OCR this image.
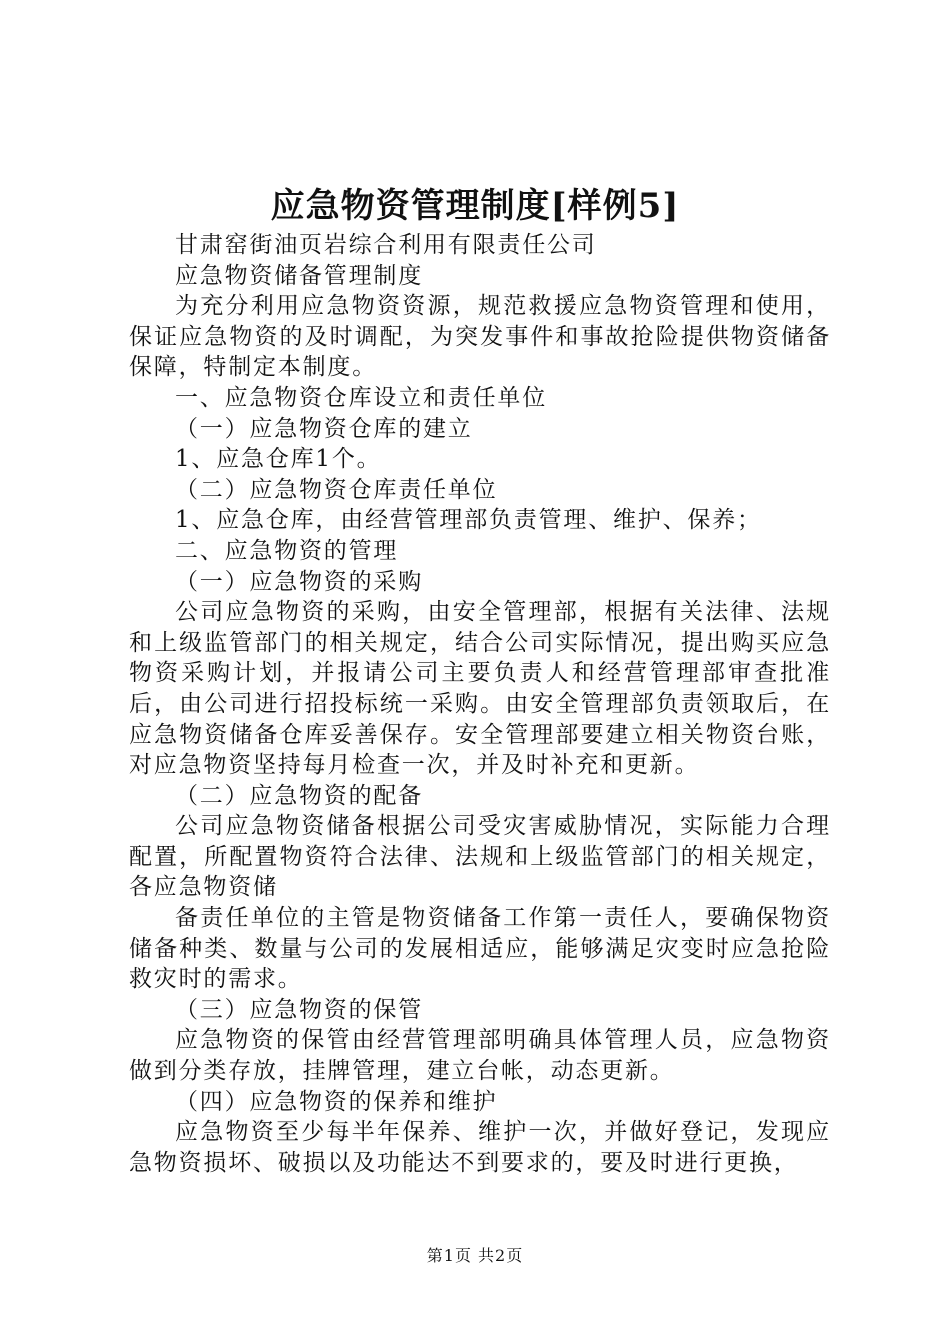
应急物资管理制度[样例5]

甘肃窑街油页岩综合利用有限责任公司

应急物资储备管理制度

为充分利用应急物资资源，规范救援应急物资管理和使用，保证应急物资的及时调配，为突发事件和事故抢险提供物资储备保障，特制定本制度。

一、应急物资仓库设立和责任单位

（一）应急物资仓库的建立

1、应急仓库1个。

（二）应急物资仓库责任单位

1、应急仓库，由经营管理部负责管理、维护、保养；

二、应急物资的管理

（一）应急物资的采购

公司应急物资的采购，由安全管理部，根据有关法律、法规和上级监管部门的相关规定，结合公司实际情况，提出购买应急物资采购计划，并报请公司主要负责人和经营管理部审查批准后，由公司进行招投标统一采购。由安全管理部负责领取后，在应急物资储备仓库妥善保存。安全管理部要建立相关物资台账，对应急物资坚持每月检查一次，并及时补充和更新。

（二）应急物资的配备

公司应急物资储备根据公司受灾害威胁情况，实际能力合理配置，所配置物资符合法律、法规和上级监管部门的相关规定，各应急物资储

备责任单位的主管是物资储备工作第一责任人，要确保物资储备种类、数量与公司的发展相适应，能够满足灾变时应急抢险救灾时的需求。

（三）应急物资的保管

应急物资的保管由经营管理部明确具体管理人员，应急物资做到分类存放，挂牌管理，建立台帐，动态更新。

（四）应急物资的保养和维护

应急物资至少每半年保养、维护一次，并做好登记，发现应急物资损坏、破损以及功能达不到要求的，要及时进行更换，

第1页 共2页
